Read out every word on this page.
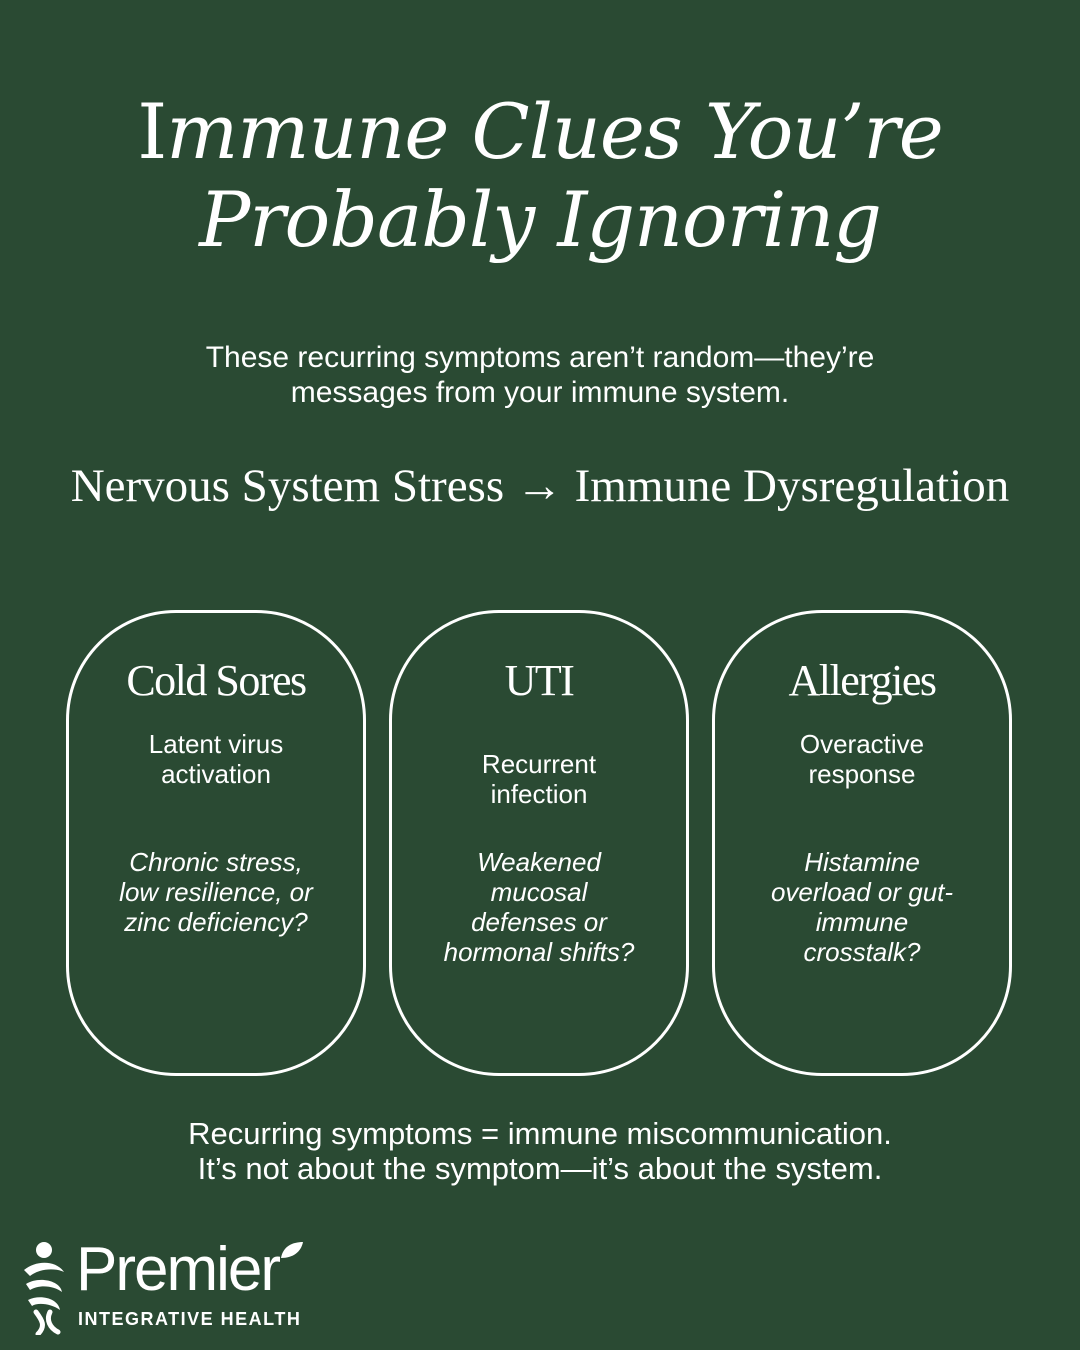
Immune Clues You’re
Probably Ignoring
These recurring symptoms aren’t random—they’re
messages from your immune system.
Nervous System Stress → Immune Dysregulation
Cold Sores
Latent virus
activation
Chronic stress,
low resilience, or
zinc deficiency?
UTI
Recurrent
infection
Weakened
mucosal
defenses or
hormonal shifts?
Allergies
Overactive
response
Histamine
overload or gut-
immune
crosstalk?
Recurring symptoms = immune miscommunication.
It’s not about the symptom—it’s about the system.
Premier
INTEGRATIVE HEALTH
